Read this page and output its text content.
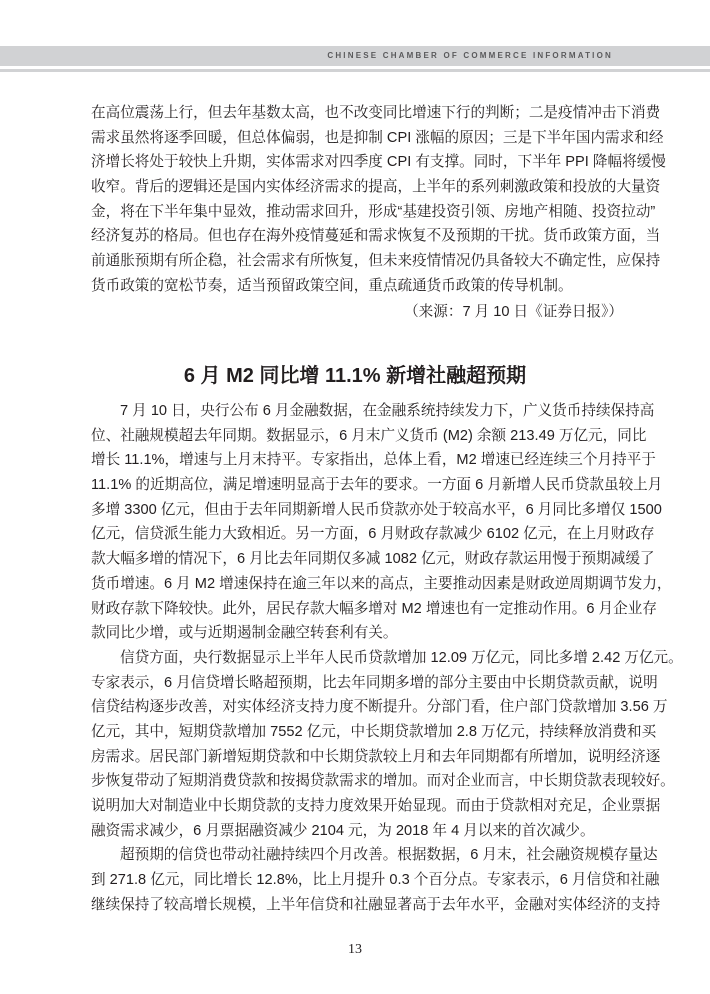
CHINESE CHAMBER OF COMMERCE INFORMATION
在高位震荡上行，但去年基数太高，也不改变同比增速下行的判断；二是疫情冲击下消费
需求虽然将逐季回暖，但总体偏弱，也是抑制 CPI 涨幅的原因；三是下半年国内需求和经
济增长将处于较快上升期，实体需求对四季度 CPI 有支撑。同时，下半年 PPI 降幅将缓慢
收窄。背后的逻辑还是国内实体经济需求的提高，上半年的系列刺激政策和投放的大量资
金，将在下半年集中显效，推动需求回升，形成“基建投资引领、房地产相随、投资拉动”
经济复苏的格局。但也存在海外疫情蔓延和需求恢复不及预期的干扰。货币政策方面，当
前通胀预期有所企稳，社会需求有所恢复，但未来疫情情况仍具备较大不确定性，应保持
货币政策的宽松节奏，适当预留政策空间，重点疏通货币政策的传导机制。
（来源：7 月 10 日《证券日报》）
6 月 M2 同比增 11.1% 新增社融超预期
7 月 10 日，央行公布 6 月金融数据，在金融系统持续发力下，广义货币持续保持高
位、社融规模超去年同期。数据显示，6 月末广义货币 (M2) 余额 213.49 万亿元，同比
增长 11.1%，增速与上月末持平。专家指出，总体上看，M2 增速已经连续三个月持平于
11.1% 的近期高位，满足增速明显高于去年的要求。一方面 6 月新增人民币贷款虽较上月
多增 3300 亿元，但由于去年同期新增人民币贷款亦处于较高水平，6 月同比多增仅 1500
亿元，信贷派生能力大致相近。另一方面，6 月财政存款减少 6102 亿元，在上月财政存
款大幅多增的情况下，6 月比去年同期仅多减 1082 亿元，财政存款运用慢于预期减缓了
货币增速。6 月 M2 增速保持在逾三年以来的高点，主要推动因素是财政逆周期调节发力，
财政存款下降较快。此外，居民存款大幅多增对 M2 增速也有一定推动作用。6 月企业存
款同比少增，或与近期遏制金融空转套利有关。
信贷方面，央行数据显示上半年人民币贷款增加 12.09 万亿元，同比多增 2.42 万亿元。
专家表示，6 月信贷增长略超预期，比去年同期多增的部分主要由中长期贷款贡献，说明
信贷结构逐步改善，对实体经济支持力度不断提升。分部门看，住户部门贷款增加 3.56 万
亿元，其中，短期贷款增加 7552 亿元，中长期贷款增加 2.8 万亿元，持续释放消费和买
房需求。居民部门新增短期贷款和中长期贷款较上月和去年同期都有所增加，说明经济逐
步恢复带动了短期消费贷款和按揭贷款需求的增加。而对企业而言，中长期贷款表现较好。
说明加大对制造业中长期贷款的支持力度效果开始显现。而由于贷款相对充足，企业票据
融资需求减少，6 月票据融资减少 2104 元，为 2018 年 4 月以来的首次减少。
超预期的信贷也带动社融持续四个月改善。根据数据，6 月末，社会融资规模存量达
到 271.8 亿元，同比增长 12.8%，比上月提升 0.3 个百分点。专家表示，6 月信贷和社融
继续保持了较高增长规模，上半年信贷和社融显著高于去年水平，金融对实体经济的支持
13
